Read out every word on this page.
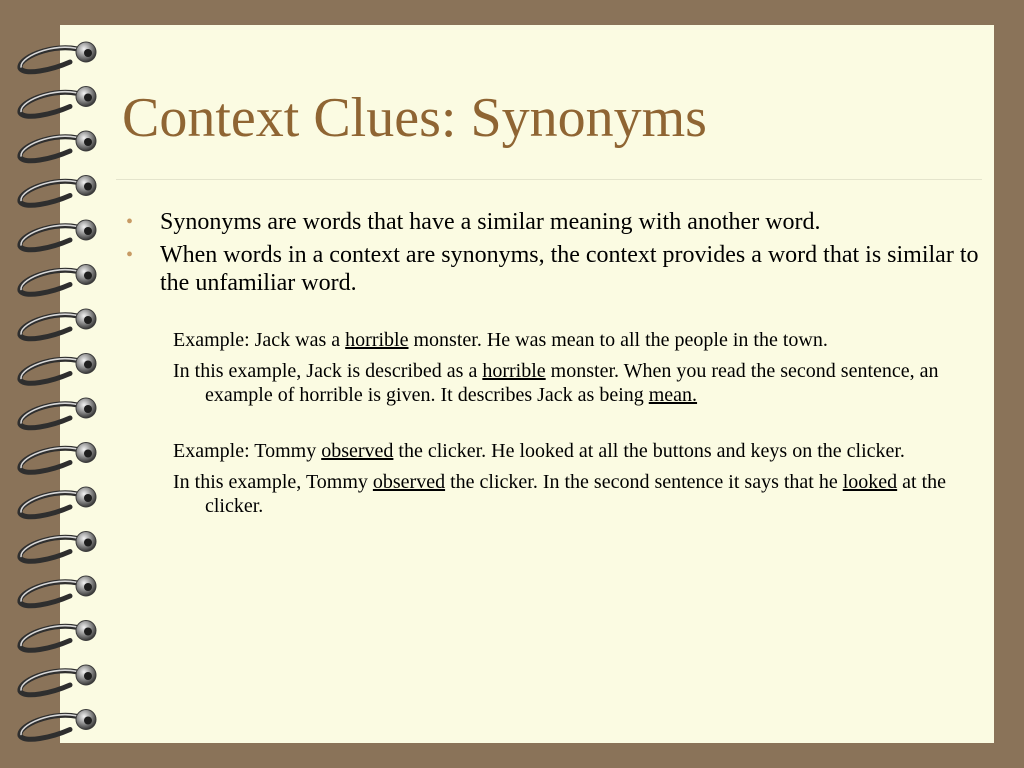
Context Clues: Synonyms
• Synonyms are words that have a similar meaning with another word.
• When words in a context are synonyms, the context provides a word that is similar to the unfamiliar word.
Example: Jack was a horrible monster. He was mean to all the people in the town.
In this example, Jack is described as a horrible monster. When you read the second sentence, an example of horrible is given. It describes Jack as being mean.
Example: Tommy observed the clicker. He looked at all the buttons and keys on the clicker.
In this example, Tommy observed the clicker. In the second sentence it says that he looked at the clicker.
